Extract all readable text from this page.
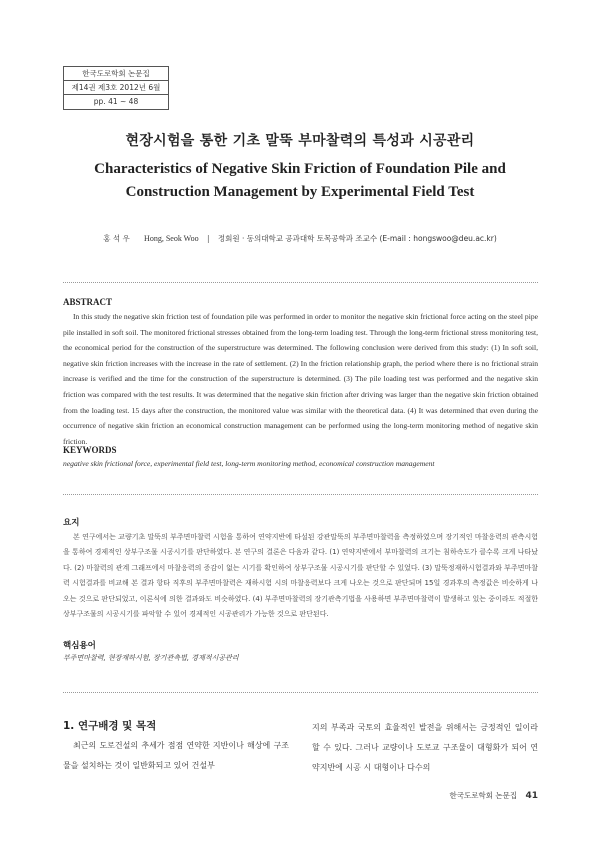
한국도로학회 논문집
제14권 제3호 2012년 6월
pp. 41 ~ 48
현장시험을 통한 기초 말뚝 부마찰력의 특성과 시공관리
Characteristics of Negative Skin Friction of Foundation Pile and Construction Management by Experimental Field Test
홍 석 우 Hong, Seok Woo | 정회원 · 동의대학교 공과대학 토목공학과 조교수 (E-mail : hongswoo@deu.ac.kr)
ABSTRACT

In this study the negative skin friction test of foundation pile was performed in order to monitor the negative skin frictional force acting on the steel pipe pile installed in soft soil. The monitored frictional stresses obtained from the long-term loading test. Through the long-term frictional stress monitoring test, the economical period for the construction of the superstructure was determined. The following conclusion were derived from this study: (1) In soft soil, negative skin friction increases with the increase in the rate of settlement. (2) In the friction relationship graph, the period where there is no frictional strain increase is verified and the time for the construction of the superstructure is determined. (3) The pile loading test was performed and the negative skin friction was compared with the test results. It was determined that the negative skin friction after driving was larger than the negative skin friction obtained from the loading test. 15 days after the construction, the monitored value was similar with the theoretical data. (4) It was determined that even during the occurrence of negative skin friction an economical construction management can be performed using the long-term monitoring method of negative skin friction.

KEYWORDS

negative skin frictional force, experimental field test, long-term monitoring method, economical construction management

요지

본 연구에서는 교량기초 말뚝의 부주면마찰력 시험을 통하여 연약지반에 타설된 강관말뚝의 부주면마찰력을 측정하였으며 장기적인 마찰응력의 관측시험을 통하여 경제적인 상부구조물 시공시기를 판단하였다. 본 연구의 결론은 다음과 같다. (1) 연약지반에서 부마찰력의 크기는 침하속도가 클수록 크게 나타났다. (2) 마찰력의 관계 그래프에서 마찰응력의 증감이 없는 시기를 확인하여 상부구조물 시공시기를 판단할 수 있었다. (3) 말뚝정재하시험결과와 부주면마찰력 시험결과를 비교해 본 결과 항타 직후의 부주면마찰력은 재하시험 시의 마찰응력보다 크게 나오는 것으로 판단되며 15일 경과후의 측정값은 비슷하게 나오는 것으로 판단되었고, 이론식에 의한 결과와도 비슷하였다. (4) 부주면마찰력의 장기관측기법을 사용하면 부주면마찰력이 발생하고 있는 중이라도 적절한 상부구조물의 시공시기를 파악할 수 있어 경제적인 시공관리가 가능한 것으로 판단된다.

핵심용어

부주면마찰력, 현장재하시험, 장기관측법, 경제적시공관리

1. 연구배경 및 목적

최근의 도로건설의 추세가 점점 연약한 지반이나 해상에 구조물을 설치하는 것이 일반화되고 있어 건설부

지의 부족과 국토의 효율적인 발전을 위해서는 긍정적인 일이라 할 수 있다. 그러나 교량이나 도로교 구조물이 대형화가 되어 연약지반에 시공 시 대형이나 다수의

한국도로학회 논문집 41
